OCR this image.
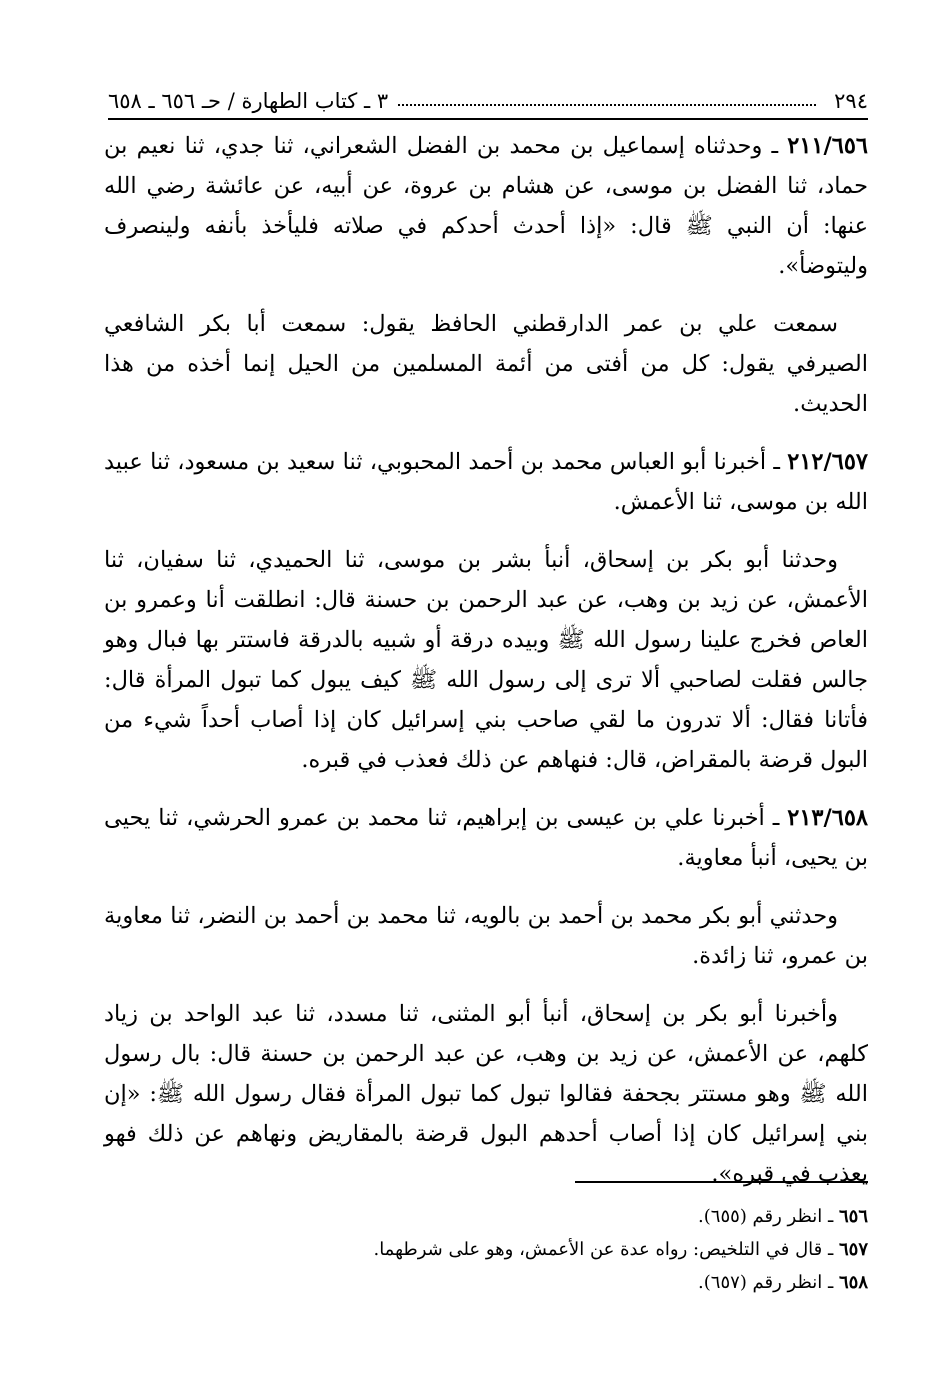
٢٩٤
٣ ـ كتاب الطهارة / حـ ٦٥٦ ـ ٦٥٨

٢١١/٦٥٦ ـ وحدثناه إسماعيل بن محمد بن الفضل الشعراني، ثنا جدي، ثنا نعيم بن حماد، ثنا الفضل بن موسى، عن هشام بن عروة، عن أبيه، عن عائشة رضي الله عنها: أن النبي ﷺ قال: «إذا أحدث أحدكم في صلاته فليأخذ بأنفه ولينصرف وليتوضأ».

سمعت علي بن عمر الدارقطني الحافظ يقول: سمعت أبا بكر الشافعي الصيرفي يقول: كل من أفتى من أئمة المسلمين من الحيل إنما أخذه من هذا الحديث.

٢١٢/٦٥٧ ـ أخبرنا أبو العباس محمد بن أحمد المحبوبي، ثنا سعيد بن مسعود، ثنا عبيد الله بن موسى، ثنا الأعمش.

وحدثنا أبو بكر بن إسحاق، أنبأ بشر بن موسى، ثنا الحميدي، ثنا سفيان، ثنا الأعمش، عن زيد بن وهب، عن عبد الرحمن بن حسنة قال: انطلقت أنا وعمرو بن العاص فخرج علينا رسول الله ﷺ وبيده درقة أو شبيه بالدرقة فاستتر بها فبال وهو جالس فقلت لصاحبي ألا ترى إلى رسول الله ﷺ كيف يبول كما تبول المرأة قال: فأتانا فقال: ألا تدرون ما لقي صاحب بني إسرائيل كان إذا أصاب أحداً شيء من البول قرضة بالمقراض، قال: فنهاهم عن ذلك فعذب في قبره.

٢١٣/٦٥٨ ـ أخبرنا علي بن عيسى بن إبراهيم، ثنا محمد بن عمرو الحرشي، ثنا يحيى بن يحيى، أنبأ معاوية.

وحدثني أبو بكر محمد بن أحمد بن بالويه، ثنا محمد بن أحمد بن النضر، ثنا معاوية بن عمرو، ثنا زائدة.

وأخبرنا أبو بكر بن إسحاق، أنبأ أبو المثنى، ثنا مسدد، ثنا عبد الواحد بن زياد كلهم، عن الأعمش، عن زيد بن وهب، عن عبد الرحمن بن حسنة قال: بال رسول الله ﷺ وهو مستتر بجحفة فقالوا تبول كما تبول المرأة فقال رسول الله ﷺ: «إن بني إسرائيل كان إذا أصاب أحدهم البول قرضة بالمقاريض ونهاهم عن ذلك فهو يعذب في قبره».

٦٥٦ ـ انظر رقم (٦٥٥).
٦٥٧ ـ قال في التلخيص: رواه عدة عن الأعمش، وهو على شرطهما.
٦٥٨ ـ انظر رقم (٦٥٧).
